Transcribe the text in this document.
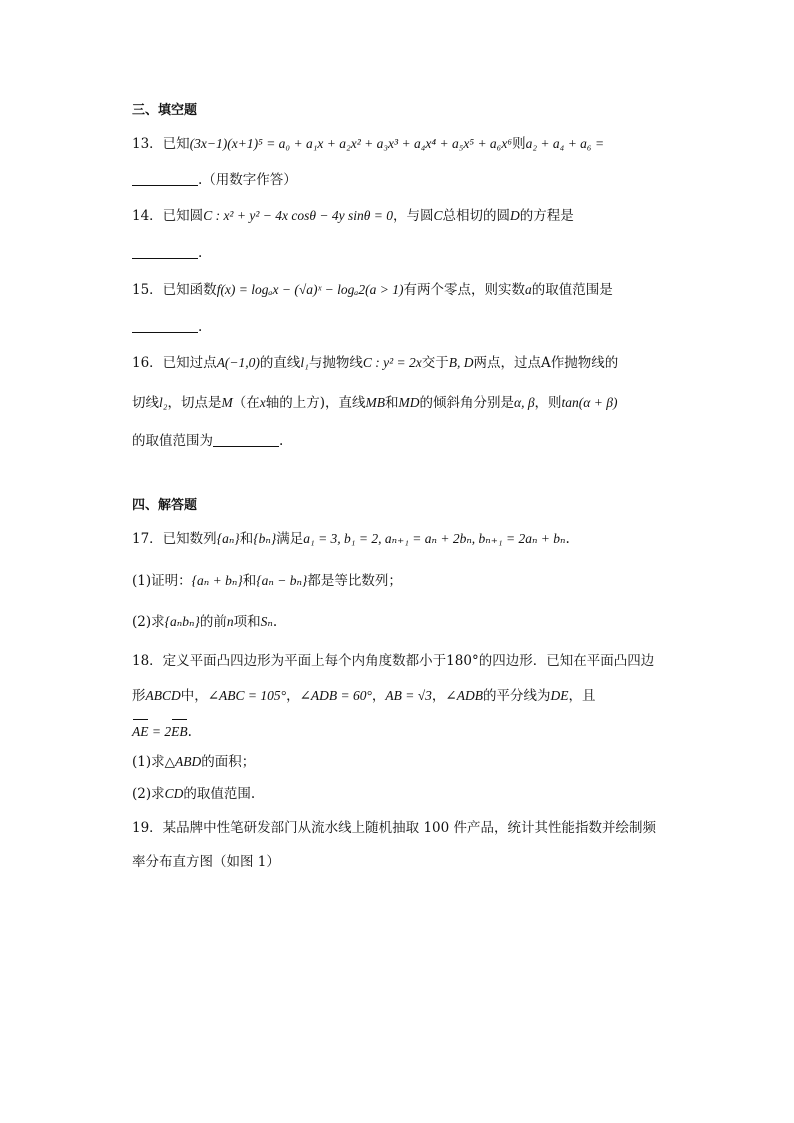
三、填空题
13．已知(3x−1)(x+1)⁵ = a₀ + a₁x + a₂x² + a₃x³ + a₄x⁴ + a₅x⁵ + a₆x⁶则a₂ + a₄ + a₆ =
.（用数字作答）
14．已知圆C : x² + y² − 4x cosθ − 4y sinθ = 0，与圆C总相切的圆D的方程是
.
15．已知函数f(x) = logₐx − (√a)ˣ − logₐ2(a > 1)有两个零点，则实数a的取值范围是
.
16．已知过点A(−1,0)的直线l₁与抛物线C : y² = 2x交于B, D两点，过点A作抛物线的
切线l₂，切点是M（在x轴的上方)，直线MB和MD的倾斜角分别是α, β，则tan(α + β)
的取值范围为	.
四、解答题
17．已知数列{aₙ}和{bₙ}满足a₁ = 3, b₁ = 2, aₙ₊₁ = aₙ + 2bₙ, bₙ₊₁ = 2aₙ + bₙ.
(1)证明：{aₙ + bₙ}和{aₙ − bₙ}都是等比数列；
(2)求{aₙbₙ}的前n项和Sₙ.
18．定义平面凸四边形为平面上每个内角度数都小于180°的四边形．已知在平面凸四边
形ABCD中，∠ABC = 105°，∠ADB = 60°，AB = √3，∠ADB的平分线为DE，且
AE = 2EB.
(1)求△ABD的面积；
(2)求CD的取值范围.
19．某品牌中性笔研发部门从流水线上随机抽取 100 件产品，统计其性能指数并绘制频
率分布直方图（如图 1）
